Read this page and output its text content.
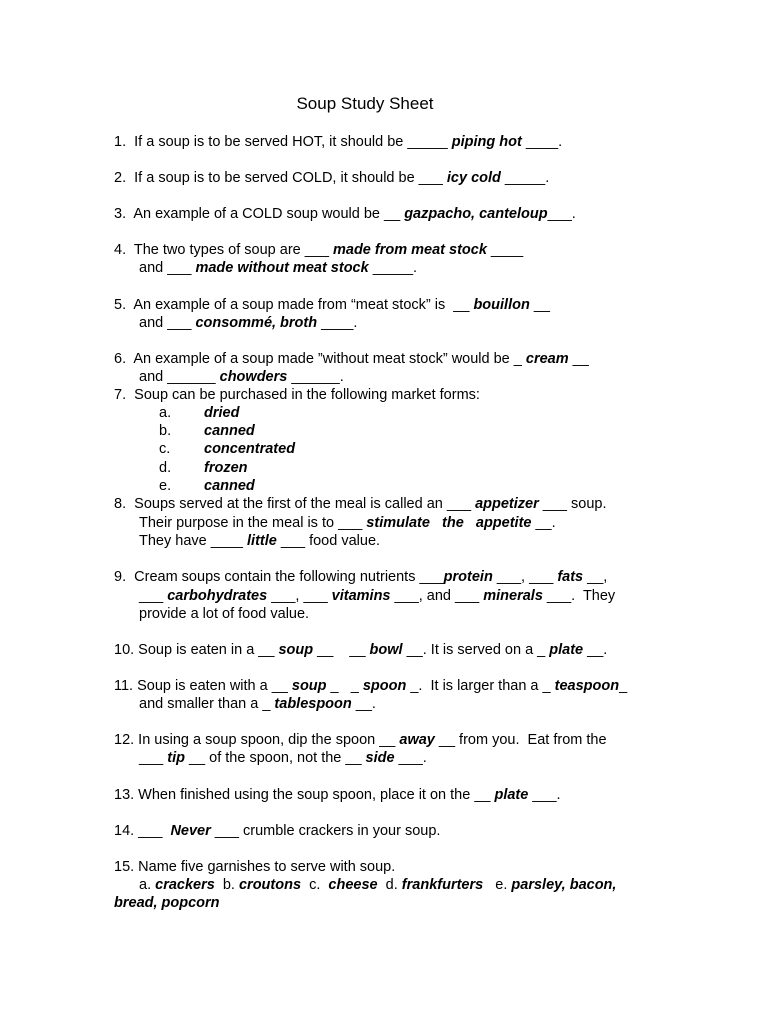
Soup Study Sheet
1.  If a soup is to be served HOT, it should be _____ piping hot ____.
2.  If a soup is to be served COLD, it should be ___ icy cold _____.
3.  An example of a COLD soup would be __ gazpacho, canteloup___.
4.  The two types of soup are ___ made from meat stock ____
and ___ made without meat stock _____.
5.  An example of a soup made from “meat stock” is  __ bouillon __
and ___ consommé, broth ____.
6.  An example of a soup made ”without meat stock” would be _ cream __
and ______ chowders ______.
7.  Soup can be purchased in the following market forms:
a. dried
b. canned
c. concentrated
d. frozen
e. canned
8.  Soups served at the first of the meal is called an ___ appetizer ___ soup.
Their purpose in the meal is to ___ stimulate   the   appetite __.
They have ____ little ___ food value.
9.  Cream soups contain the following nutrients ___protein ___, ___ fats __,
___ carbohydrates ___, ___ vitamins ___, and ___ minerals ___.  They
provide a lot of food value.
10. Soup is eaten in a __ soup __    __ bowl __. It is served on a _ plate __.
11. Soup is eaten with a __ soup _   _ spoon _.  It is larger than a _ teaspoon_
and smaller than a _ tablespoon __.
12. In using a soup spoon, dip the spoon __ away __ from you.  Eat from the
___ tip __ of the spoon, not the __ side ___.
13. When finished using the soup spoon, place it on the __ plate ___.
14. ___  Never ___ crumble crackers in your soup.
15. Name five garnishes to serve with soup.
a. crackers  b. croutons  c.  cheese  d. frankfurters   e. parsley, bacon,
bread, popcorn
